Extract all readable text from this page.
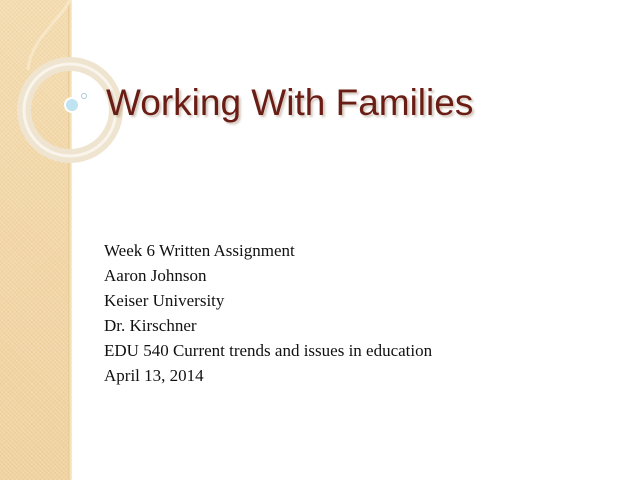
Working With Families
Week 6 Written Assignment
Aaron Johnson
Keiser University
Dr. Kirschner
EDU 540 Current trends and issues in education
April 13, 2014
